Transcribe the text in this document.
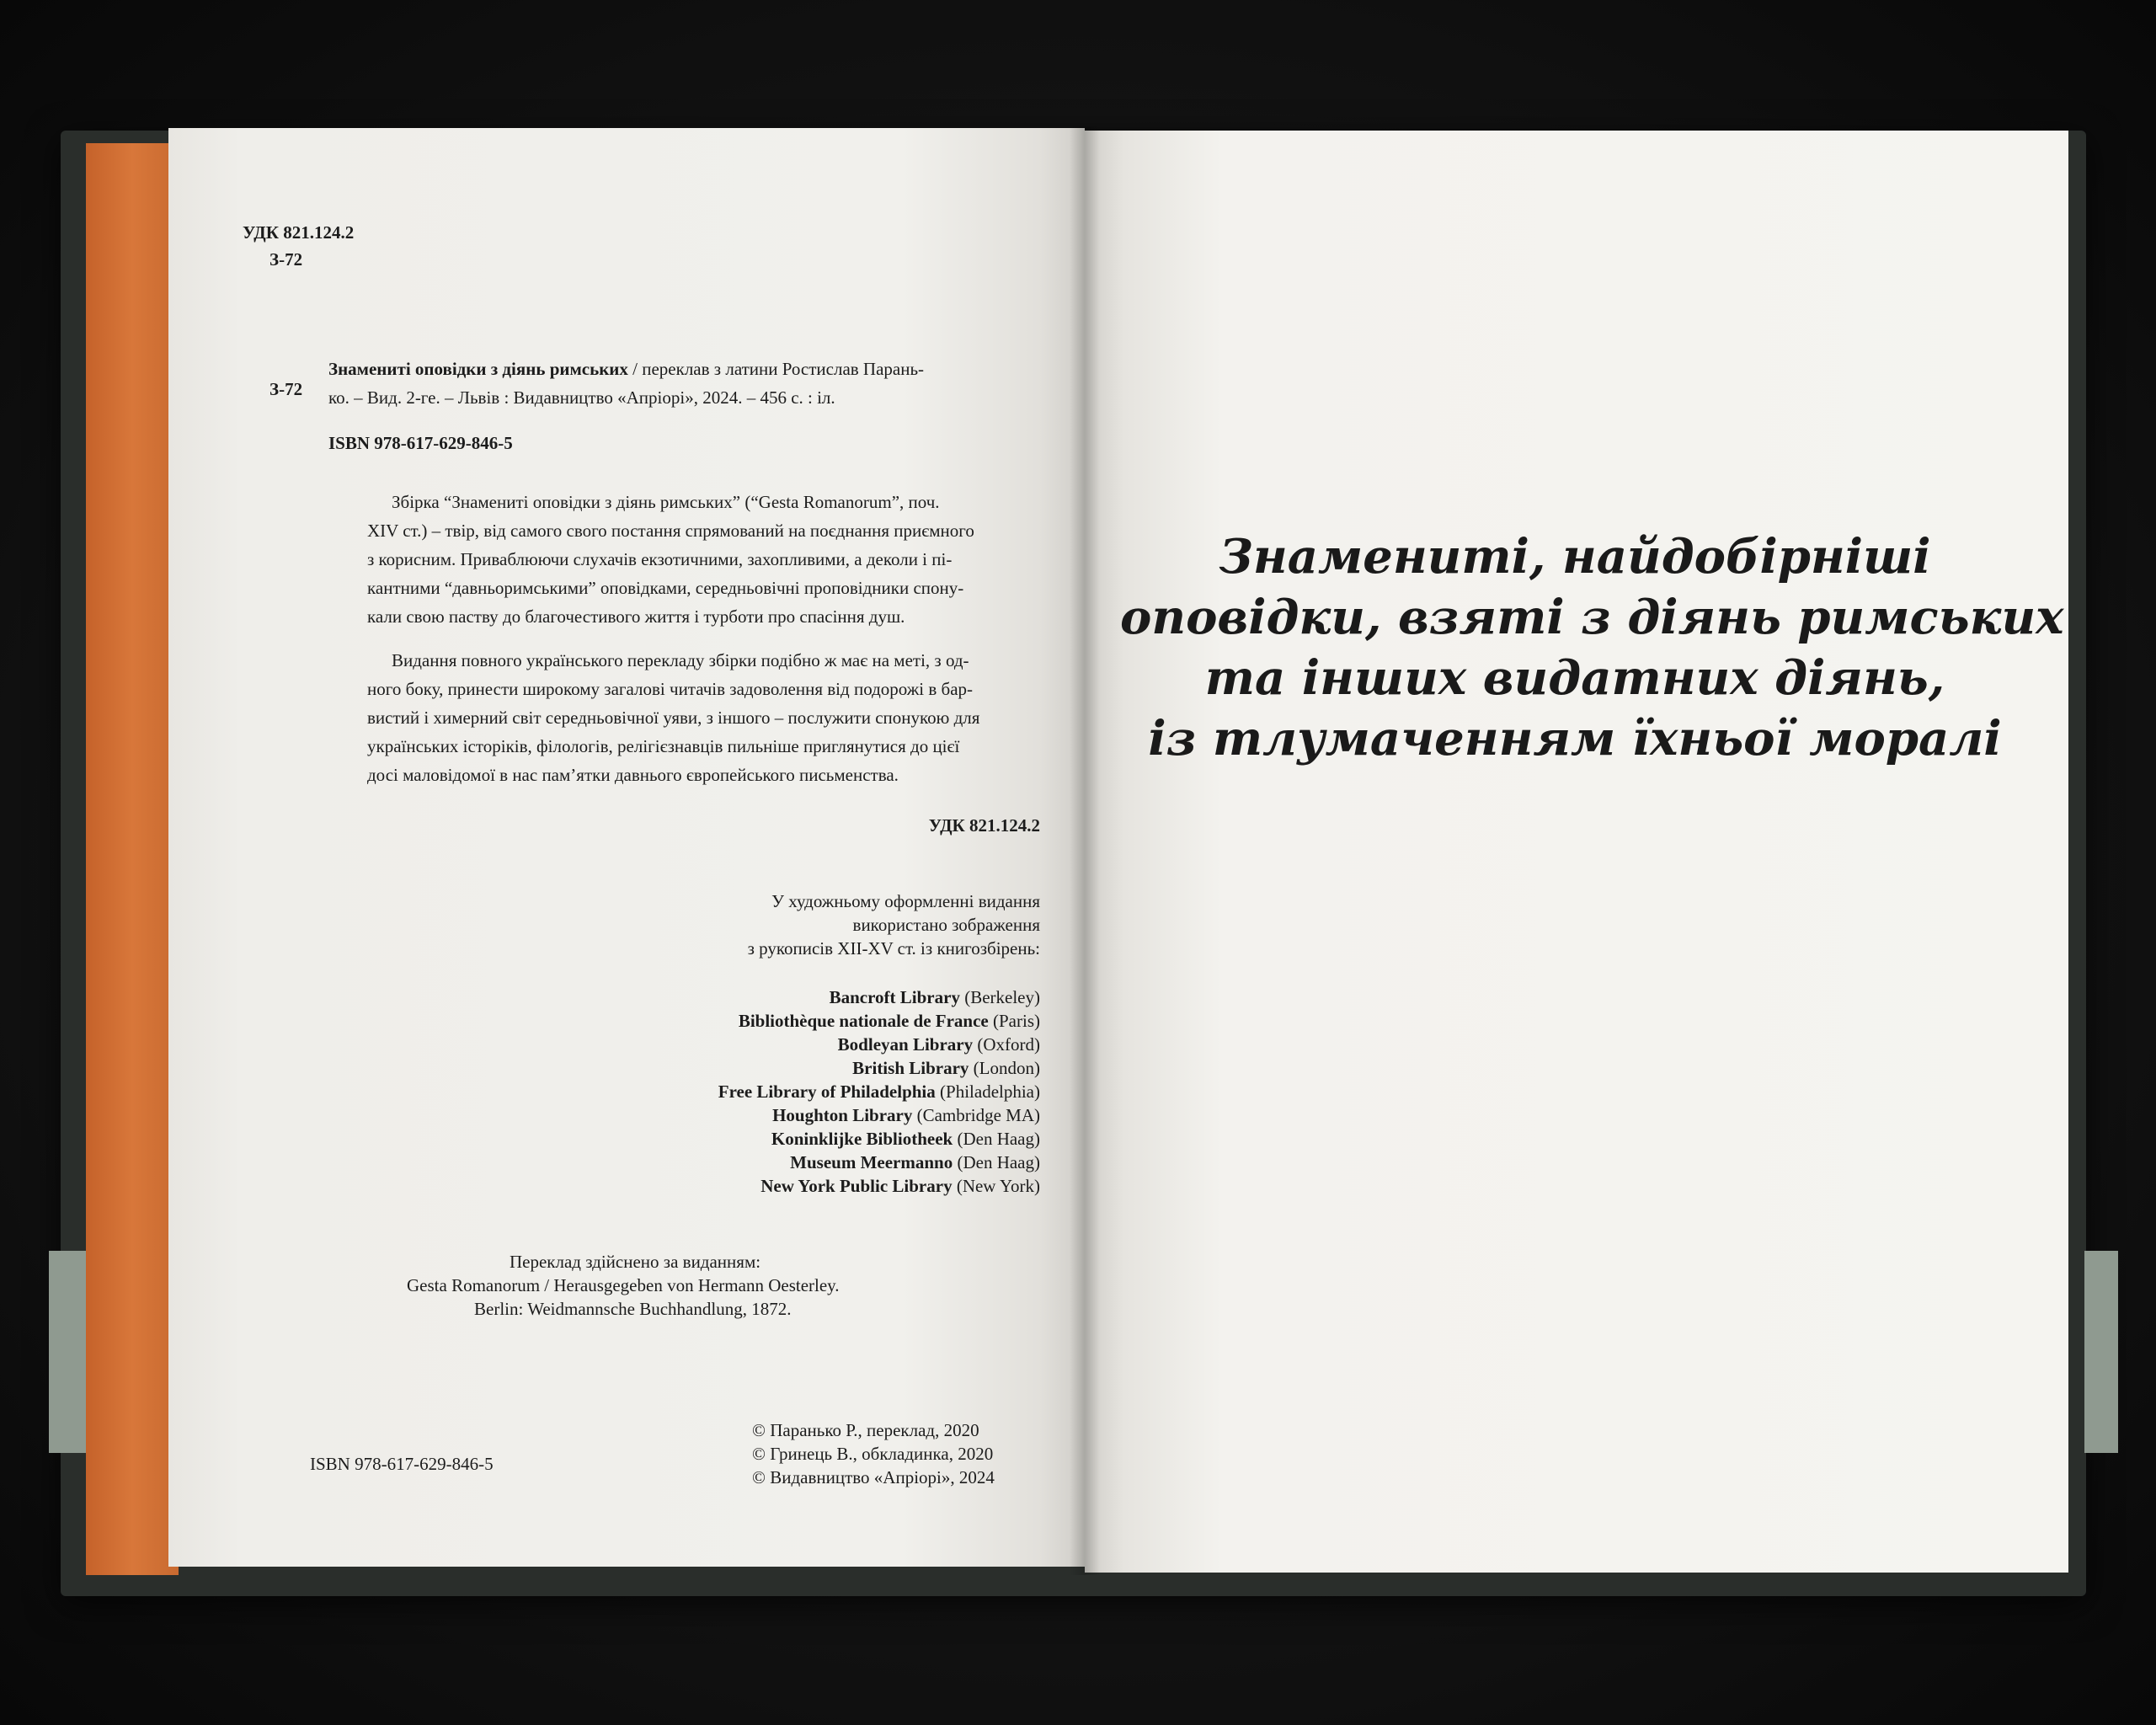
УДК 821.124.2
З-72
З-72
Знамениті оповідки з діянь римських / переклав з латини Ростислав Парань-
ко. – Вид. 2-ге. – Львів : Видавництво «Апріорі», 2024. – 456 с. : іл.
ISBN 978-617-629-846-5
Збірка “Знамениті оповідки з діянь римських” (“Gesta Romanorum”, поч.
XIV ст.) – твір, від самого свого постання спрямований на поєднання приємного
з корисним. Приваблюючи слухачів екзотичними, захопливими, а деколи і пі-
кантними “давньоримськими” оповідками, середньовічні проповідники спону-
кали свою паству до благочестивого життя і турботи про спасіння душ.
Видання повного українського перекладу збірки подібно ж має на меті, з од-
ного боку, принести широкому загалові читачів задоволення від подорожі в бар-
вистий і химерний світ середньовічної уяви, з іншого – послужити спонукою для
українських історіків, філологів, релігієзнавців пильніше приглянутися до цієї
досі маловідомої в нас пам’ятки давнього європейського письменства.
УДК 821.124.2
У художньому оформленні видання
використано зображення
з рукописів XII-XV ст. із книгозбірень:
Bancroft Library (Berkeley)
Bibliothèque nationale de France (Paris)
Bodleyan Library (Oxford)
British Library (London)
Free Library of Philadelphia (Philadelphia)
Houghton Library (Cambridge MA)
Koninklijke Bibliotheek (Den Haag)
Museum Meermanno (Den Haag)
New York Public Library (New York)
Переклад здійснено за виданням:
Gesta Romanorum / Herausgegeben von Hermann Oesterley.
Berlin: Weidmannsche Buchhandlung, 1872.
ISBN 978-617-629-846-5
© Паранько Р., переклад, 2020
© Гринець В., обкладинка, 2020
© Видавництво «Апріорі», 2024
Знамениті, найдобірніші
оповідки, взяті з діянь римських
та інших видатних діянь,
із тлумаченням їхньої моралі
